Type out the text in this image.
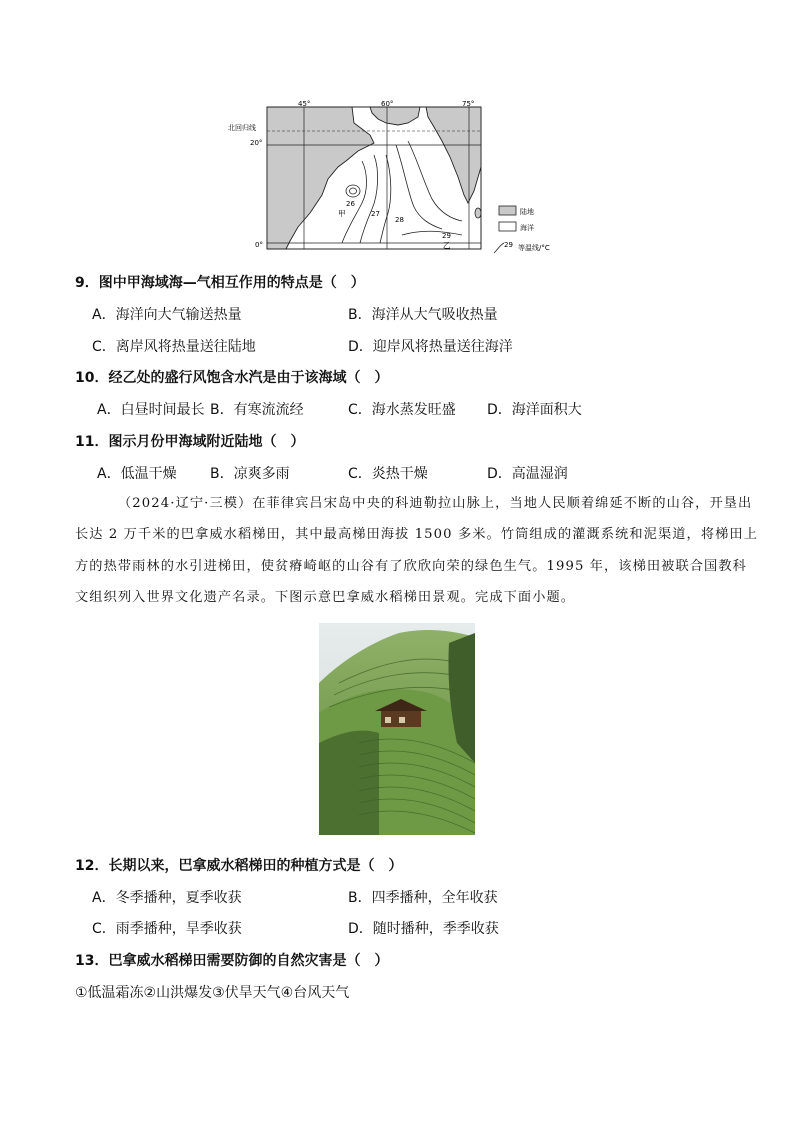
45°	60°	75°
北回归线
20°
0°
26
甲	27
28
29
乙
陆地
海洋
29 等温线/°C
9．图中甲海域海—气相互作用的特点是（　）
A．海洋向大气输送热量	B．海洋从大气吸收热量
C．离岸风将热量送往陆地	D．迎岸风将热量送往海洋
10．经乙处的盛行风饱含水汽是由于该海域（　）
A．白昼时间最长 B．有寒流流经	C．海水蒸发旺盛 D．海洋面积大
11．图示月份甲海域附近陆地（　）
A．低温干燥 B．凉爽多雨	C．炎热干燥	D．高温湿润
（2024·辽宁·三模）在菲律宾吕宋岛中央的科迪勒拉山脉上，当地人民顺着绵延不断的山谷，开垦出
长达 2 万千米的巴拿威水稻梯田，其中最高梯田海拔 1500 多米。竹筒组成的灌溉系统和泥渠道，将梯田上
方的热带雨林的水引进梯田，使贫瘠崎岖的山谷有了欣欣向荣的绿色生气。1995 年，该梯田被联合国教科
文组织列入世界文化遗产名录。下图示意巴拿威水稻梯田景观。完成下面小题。
12．长期以来，巴拿威水稻梯田的种植方式是（　）
A．冬季播种，夏季收获	B．四季播种，全年收获
C．雨季播种，旱季收获	D．随时播种，季季收获
13．巴拿威水稻梯田需要防御的自然灾害是（　）
①低温霜冻②山洪爆发③伏旱天气④台风天气
